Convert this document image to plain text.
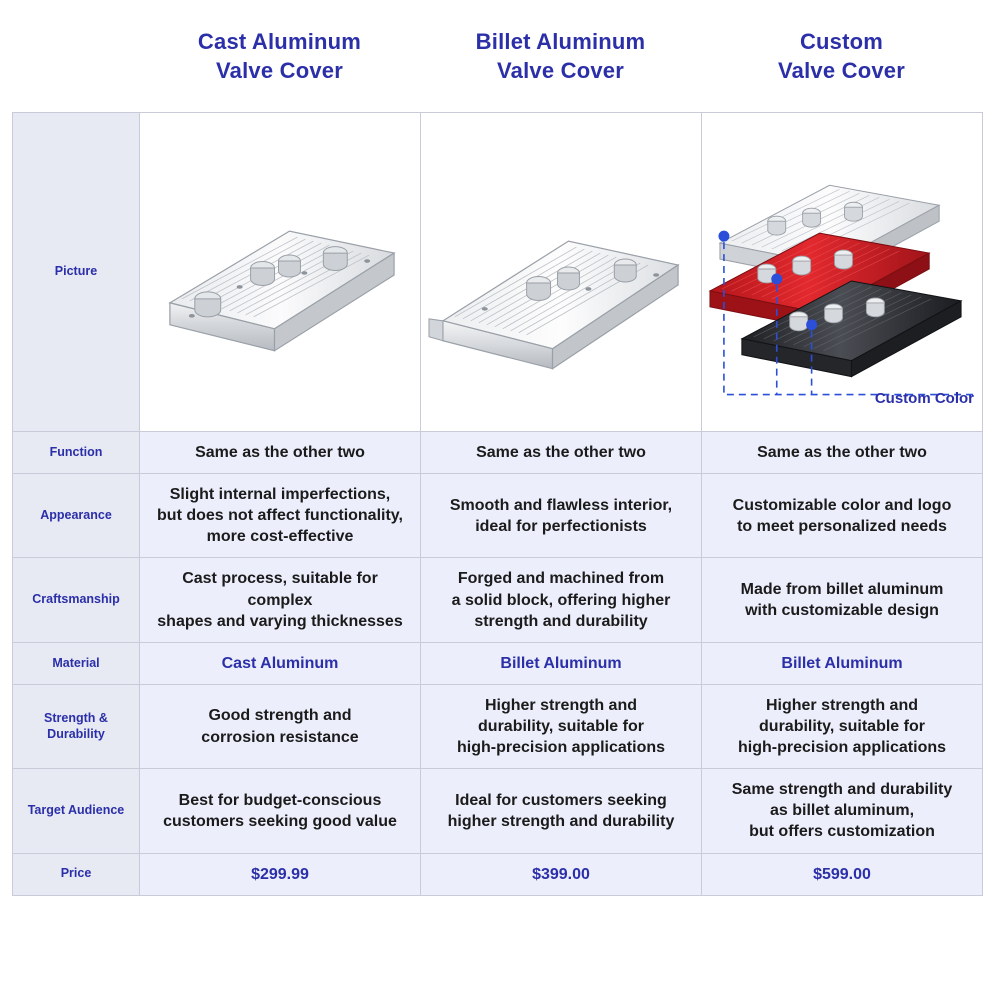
Cast Aluminum
Valve Cover
Billet Aluminum
Valve Cover
Custom
Valve Cover
Picture			Custom Color

Function	Same as the other two	Same as the other two	Same as the other two

Appearance	Slight internal imperfections,
but does not affect functionality,
more cost-effective	Smooth and flawless interior,
ideal for perfectionists	Customizable color and logo
to meet personalized needs

Craftsmanship	Cast process, suitable for complex
shapes and varying thicknesses	Forged and machined from
a solid block, offering higher
strength and durability	Made from billet aluminum
with customizable design

Material	Cast Aluminum	Billet Aluminum	Billet Aluminum

Strength &
Durability	Good strength and
corrosion resistance	Higher strength and
durability, suitable for
high-precision applications	Higher strength and
durability, suitable for
high-precision applications

Target Audience	Best for budget-conscious
customers seeking good value	Ideal for customers seeking
higher strength and durability	Same strength and durability
as billet aluminum,
but offers customization

Price	$299.99	$399.00	$599.00
